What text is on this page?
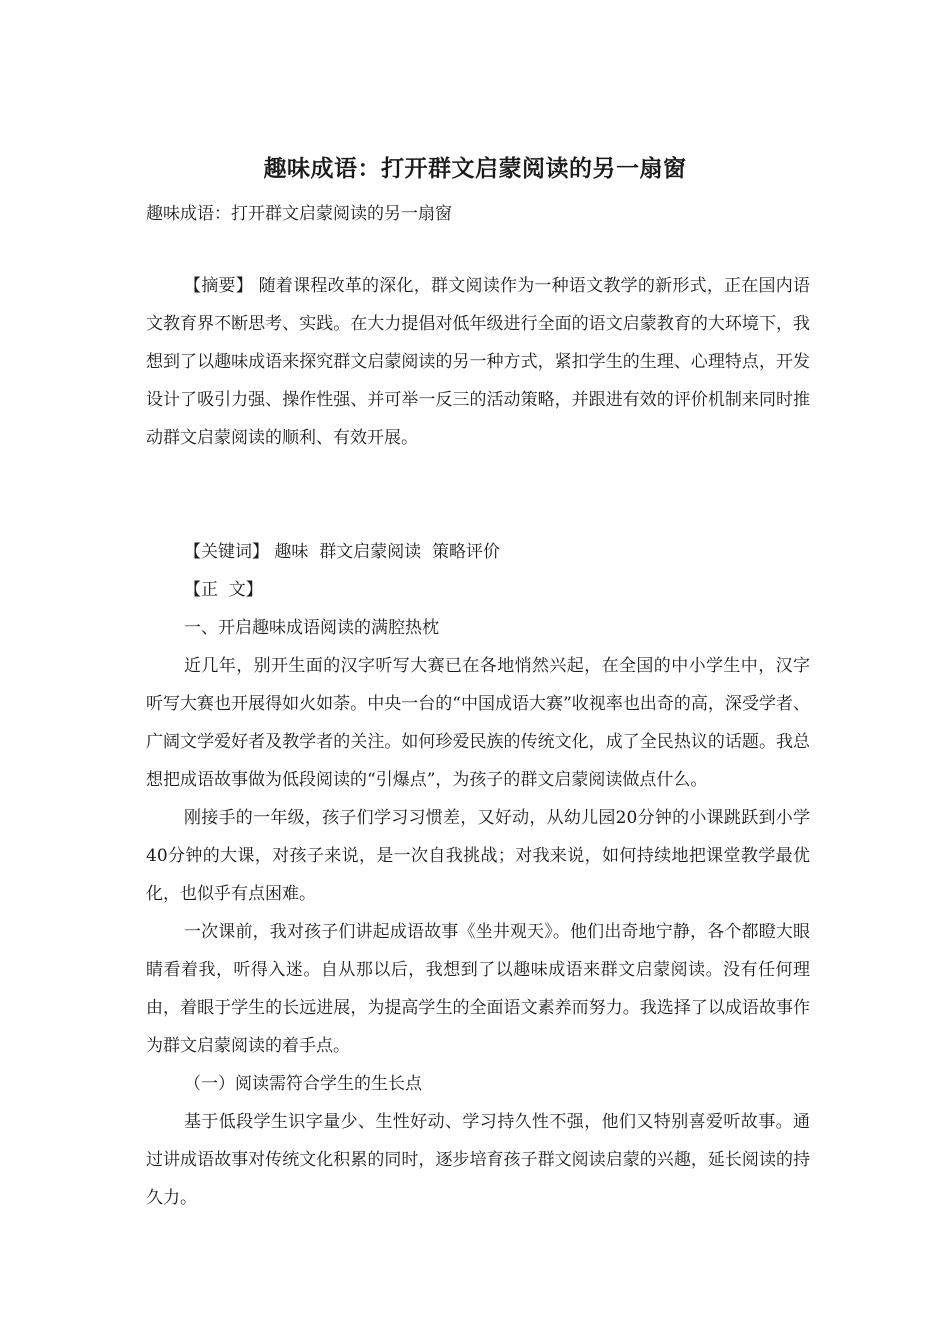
趣味成语：打开群文启蒙阅读的另一扇窗
趣味成语：打开群文启蒙阅读的另一扇窗

【摘要】 随着课程改革的深化，群文阅读作为一种语文教学的新形式，正在国内语文教育界不断思考、实践。在大力提倡对低年级进行全面的语文启蒙教育的大环境下，我想到了以趣味成语来探究群文启蒙阅读的另一种方式，紧扣学生的生理、心理特点，开发设计了吸引力强、操作性强、并可举一反三的活动策略，并跟进有效的评价机制来同时推动群文启蒙阅读的顺利、有效开展。

【关键词】 趣味  群文启蒙阅读  策略评价

【正  文】

一、开启趣味成语阅读的满腔热枕

近几年，别开生面的汉字听写大赛已在各地悄然兴起，在全国的中小学生中，汉字听写大赛也开展得如火如荼。中央一台的“中国成语大赛”收视率也出奇的高，深受学者、广阔文学爱好者及教学者的关注。如何珍爱民族的传统文化，成了全民热议的话题。我总想把成语故事做为低段阅读的“引爆点”，为孩子的群文启蒙阅读做点什么。

刚接手的一年级，孩子们学习习惯差，又好动，从幼儿园20分钟的小课跳跃到小学40分钟的大课，对孩子来说，是一次自我挑战；对我来说，如何持续地把课堂教学最优化，也似乎有点困难。

一次课前，我对孩子们讲起成语故事《坐井观天》。他们出奇地宁静，各个都瞪大眼睛看着我，听得入迷。自从那以后，我想到了以趣味成语来群文启蒙阅读。没有任何理由，着眼于学生的长远进展，为提高学生的全面语文素养而努力。我选择了以成语故事作为群文启蒙阅读的着手点。

（一）阅读需符合学生的生长点

基于低段学生识字量少、生性好动、学习持久性不强，他们又特别喜爱听故事。通过讲成语故事对传统文化积累的同时，逐步培育孩子群文阅读启蒙的兴趣，延长阅读的持久力。
